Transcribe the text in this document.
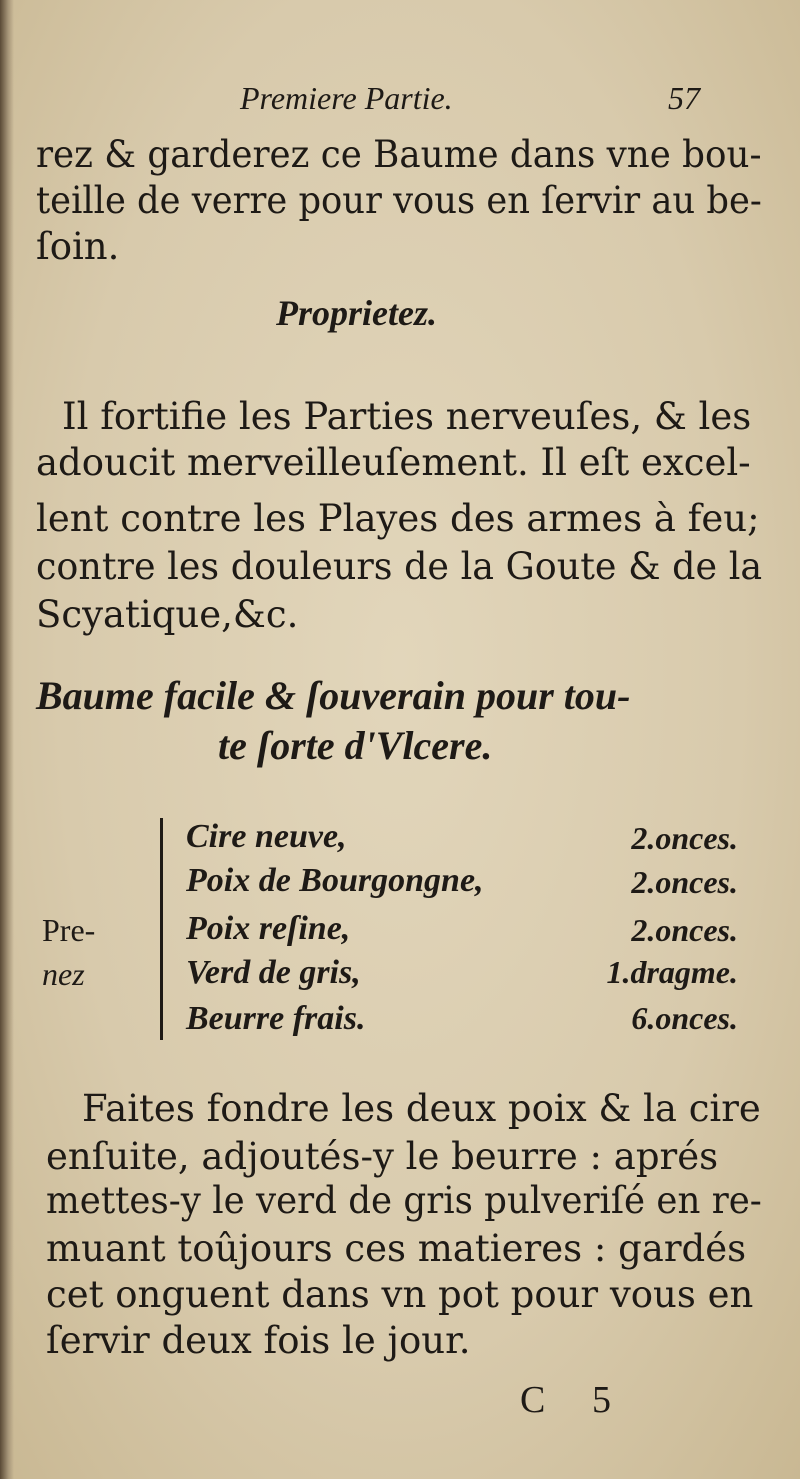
Premiere Partie.	57
rez & garderez ce Baume dans vne bou-
teille de verre pour vous en ſervir au be-
ſoin.
Proprietez.
Il fortifie les Parties nerveuſes, & les
adoucit merveilleuſement. Il eſt excel-
lent contre les Playes des armes à feu;
contre les douleurs de la Goute & de la
Scyatique,&c.
Baume facile & ſouverain pour tou-
te ſorte d'Vlcere.
Pre-
nez
Cire neuve,	2.onces.
Poix de Bourgongne,	2.onces.
Poix reſine,	2.onces.
Verd de gris,	1.dragme.
Beurre frais.	6.onces.
Faites fondre les deux poix & la cire
enſuite, adjoutés-y le beurre : aprés
mettes-y le verd de gris pulveriſé en re-
muant toûjours ces matieres : gardés
cet onguent dans vn pot pour vous en
ſervir deux fois le jour.
C 5
